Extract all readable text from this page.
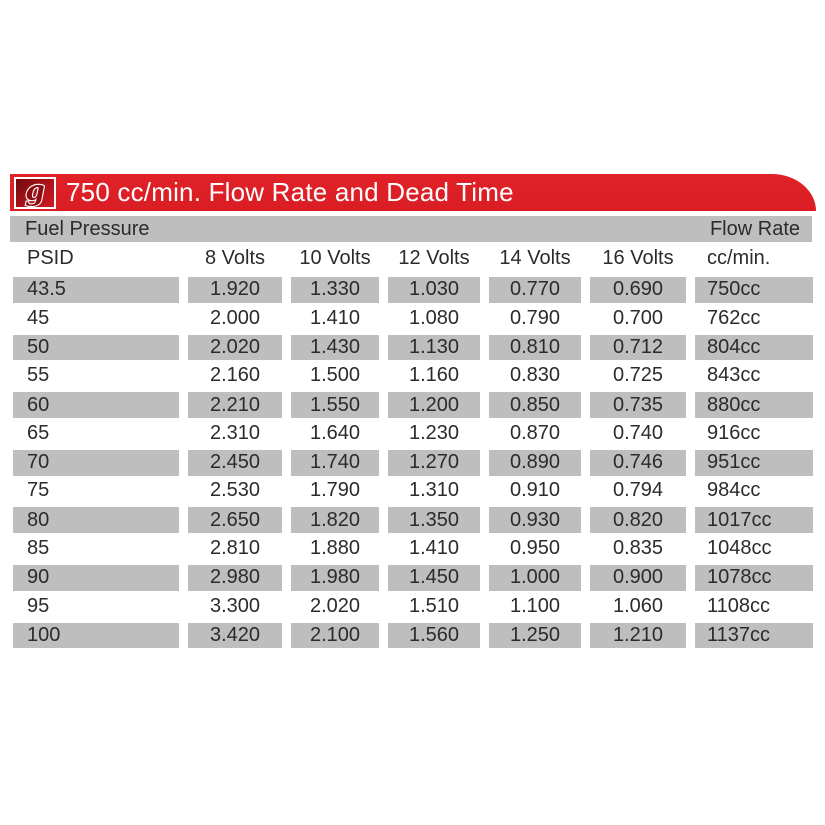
g 750 cc/min. Flow Rate and Dead Time
Fuel Pressure	Flow Rate
PSID	8 Volts	10 Volts	12 Volts	14 Volts	16 Volts	cc/min.
43.5	1.920	1.330	1.030	0.770	0.690	750cc
45	2.000	1.410	1.080	0.790	0.700	762cc
50	2.020	1.430	1.130	0.810	0.712	804cc
55	2.160	1.500	1.160	0.830	0.725	843cc
60	2.210	1.550	1.200	0.850	0.735	880cc
65	2.310	1.640	1.230	0.870	0.740	916cc
70	2.450	1.740	1.270	0.890	0.746	951cc
75	2.530	1.790	1.310	0.910	0.794	984cc
80	2.650	1.820	1.350	0.930	0.820	1017cc
85	2.810	1.880	1.410	0.950	0.835	1048cc
90	2.980	1.980	1.450	1.000	0.900	1078cc
95	3.300	2.020	1.510	1.100	1.060	1108cc
100	3.420	2.100	1.560	1.250	1.210	1137cc
